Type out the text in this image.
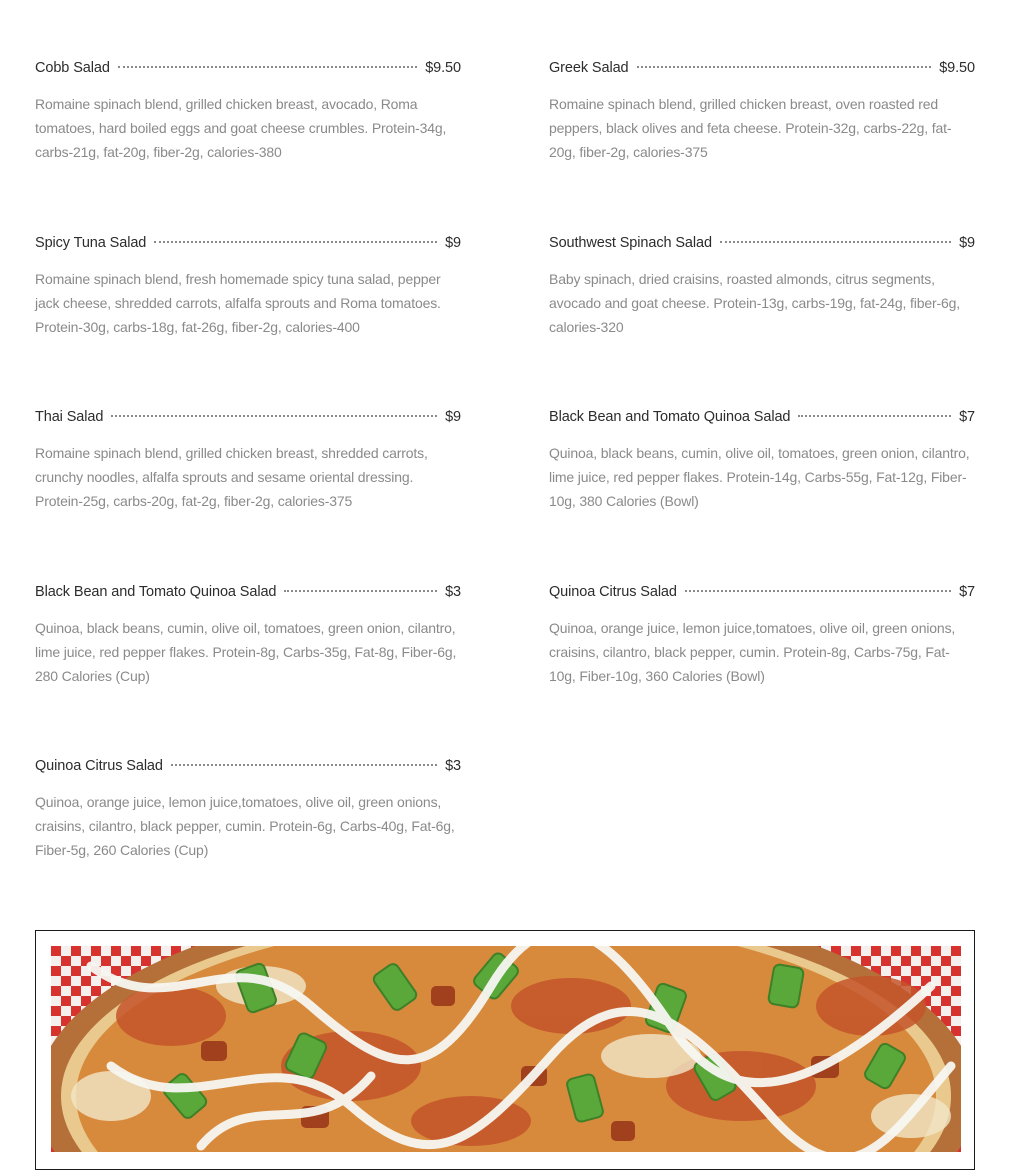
Cobb Salad	$9.50
Romaine spinach blend, grilled chicken breast, avocado, Roma tomatoes, hard boiled eggs and goat cheese crumbles. Protein-34g, carbs-21g, fat-20g, fiber-2g, calories-380
Greek Salad	$9.50
Romaine spinach blend, grilled chicken breast, oven roasted red peppers, black olives and feta cheese. Protein-32g, carbs-22g, fat-20g, fiber-2g, calories-375
Spicy Tuna Salad	$9
Romaine spinach blend, fresh homemade spicy tuna salad, pepper jack cheese, shredded carrots, alfalfa sprouts and Roma tomatoes. Protein-30g, carbs-18g, fat-26g, fiber-2g, calories-400
Southwest Spinach Salad	$9
Baby spinach, dried craisins, roasted almonds, citrus segments, avocado and goat cheese. Protein-13g, carbs-19g, fat-24g, fiber-6g, calories-320
Thai Salad	$9
Romaine spinach blend, grilled chicken breast, shredded carrots, crunchy noodles, alfalfa sprouts and sesame oriental dressing. Protein-25g, carbs-20g, fat-2g, fiber-2g, calories-375
Black Bean and Tomato Quinoa Salad	$7
Quinoa, black beans, cumin, olive oil, tomatoes, green onion, cilantro, lime juice, red pepper flakes. Protein-14g, Carbs-55g, Fat-12g, Fiber-10g, 380 Calories (Bowl)
Black Bean and Tomato Quinoa Salad	$3
Quinoa, black beans, cumin, olive oil, tomatoes, green onion, cilantro, lime juice, red pepper flakes. Protein-8g, Carbs-35g, Fat-8g, Fiber-6g, 280 Calories (Cup)
Quinoa Citrus Salad	$7
Quinoa, orange juice, lemon juice,tomatoes, olive oil, green onions, craisins, cilantro, black pepper, cumin. Protein-8g, Carbs-75g, Fat-10g, Fiber-10g, 360 Calories (Bowl)
Quinoa Citrus Salad	$3
Quinoa, orange juice, lemon juice,tomatoes, olive oil, green onions, craisins, cilantro, black pepper, cumin. Protein-6g, Carbs-40g, Fat-6g, Fiber-5g, 260 Calories (Cup)
